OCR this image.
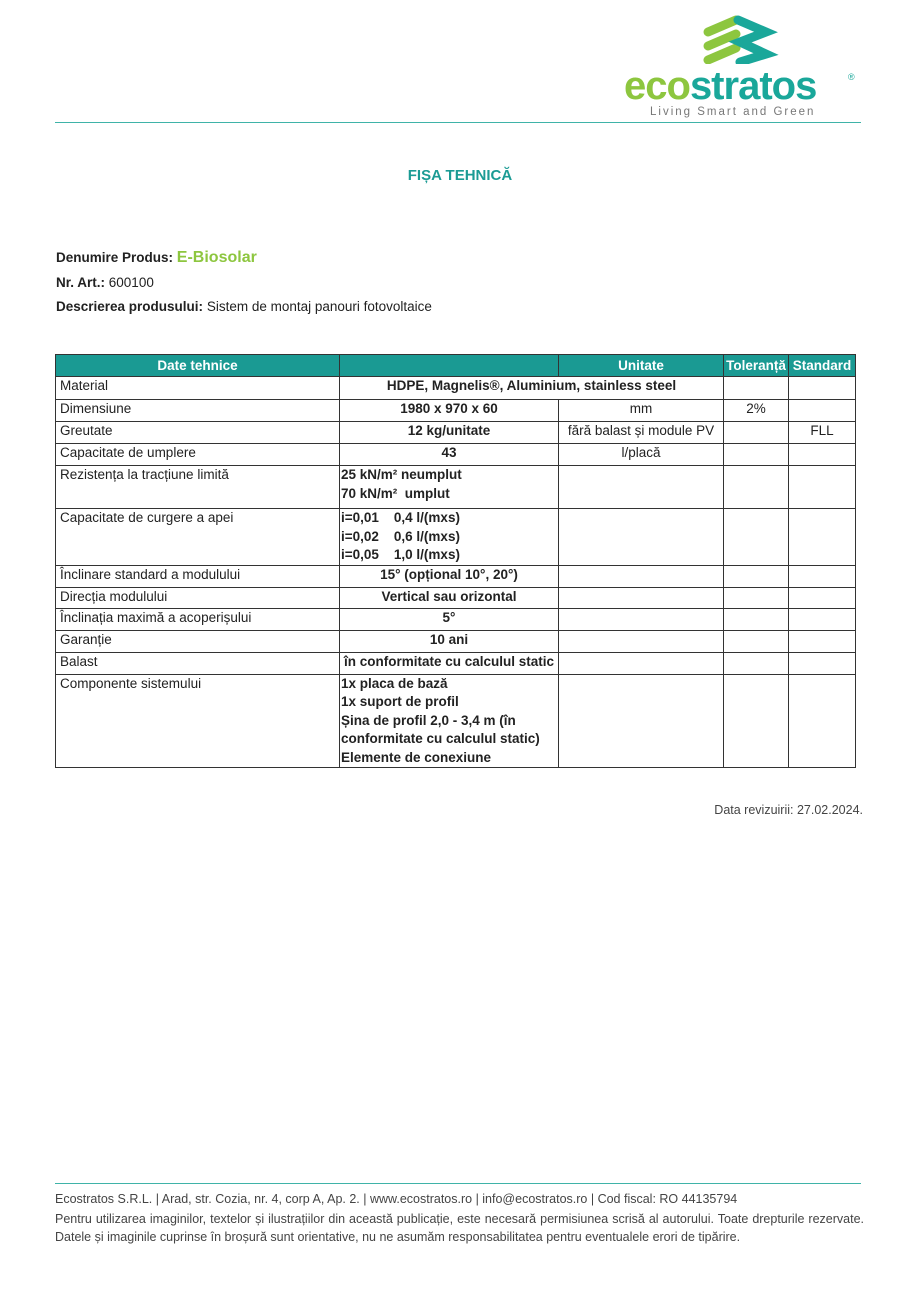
ecostratos	®
Living Smart and Green
FIȘA TEHNICĂ
Denumire Produs: E-Biosolar
Nr. Art.: 600100
Descrierea produsului: Sistem de montaj panouri fotovoltaice
Date tehnice		Unitate	Toleranță	Standard
Material	HDPE, Magnelis®, Aluminium, stainless steel			

Dimensiune	1980 x 970 x 60	mm	2%	
Greutate	12 kg/unitate	fără balast și module PV		FLL
Capacitate de umplere	43	l/placă		
Rezistența la tracțiune limită	25 kN/m² neumplut
70 kN/m²  umplut			

Capacitate de curgere a apei	i=0,01    0,4 l/(mxs)
i=0,02    0,6 l/(mxs)
i=0,05    1,0 l/(mxs)			

Înclinare standard a modulului	15° (opțional 10°, 20°)			

Direcția modulului	Vertical sau orizontal			

Înclinația maximă a acoperișului	5°			

Garanție	10 ani			

Balast	în conformitate cu calculul static			

Componente sistemului	1x placa de bază
1x suport de profil
Șina de profil 2,0 - 3,4 m (în
conformitate cu calculul static)
Elemente de conexiune			

Data revizuirii: 27.02.2024.
Ecostratos S.R.L. | Arad, str. Cozia, nr. 4, corp A, Ap. 2. | www.ecostratos.ro | info@ecostratos.ro | Cod fiscal: RO 44135794
Pentru utilizarea imaginilor, textelor și ilustrațiilor din această publicație, este necesară permisiunea scrisă al autorului. Toate drepturile rezervate. Datele și imaginile cuprinse în broșură sunt orientative, nu ne asumăm responsabilitatea pentru eventualele erori de tipărire.
